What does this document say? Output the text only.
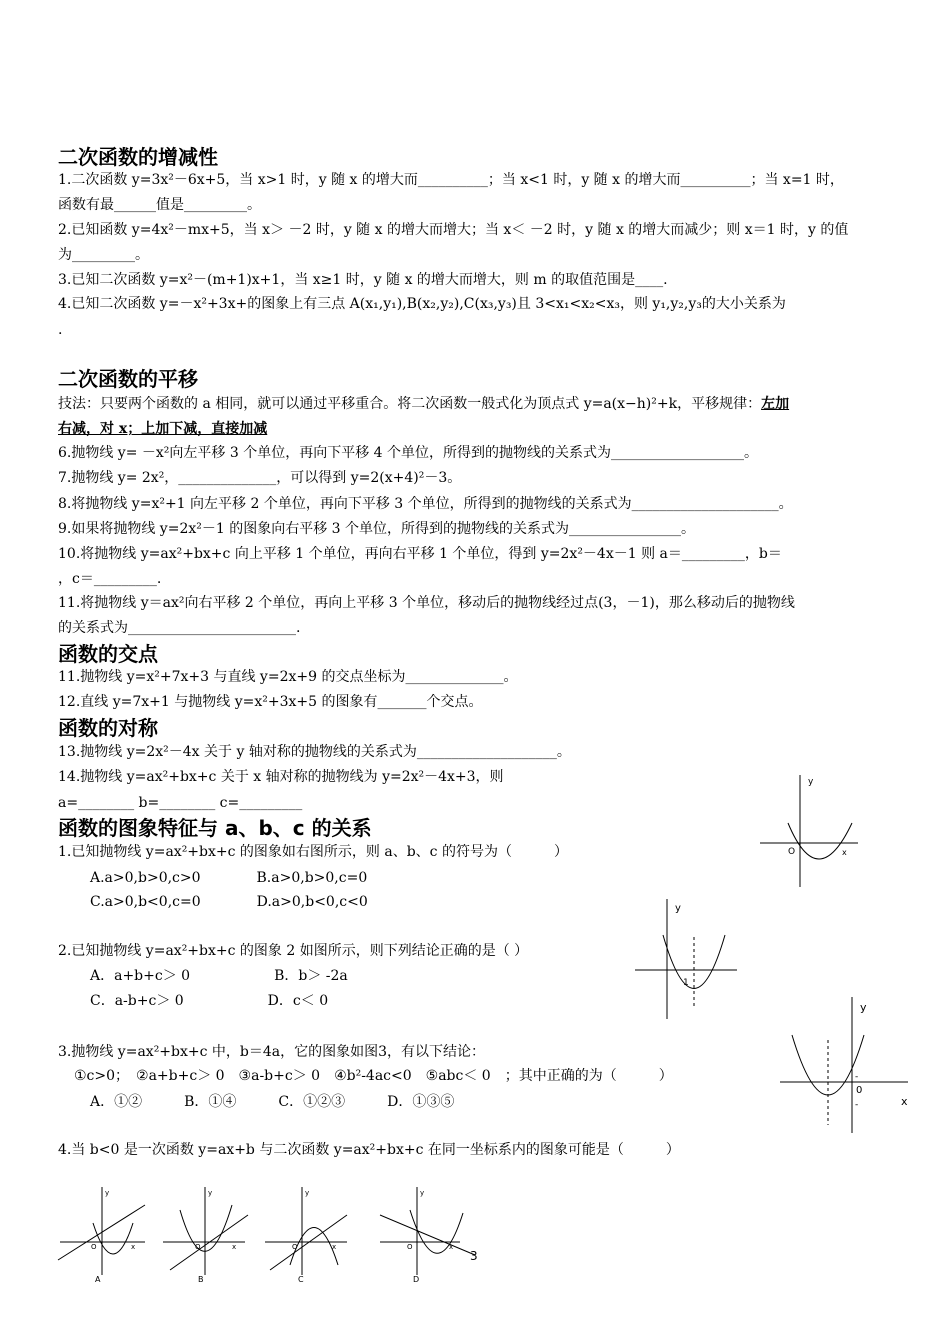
二次函数的增减性
二次函数的平移
函数的交点
函数的对称
函数的图象特征与 a、b、c 的关系
1.二次函数 y=3x²－6x+5，当 x>1 时，y 随 x 的增大而__________；当 x<1 时，y 随 x 的增大而__________；当 x=1 时，
函数有最______值是_________。
2.已知函数 y=4x²－mx+5，当 x＞ －2 时，y 随 x 的增大而增大；当 x＜ －2 时，y 随 x 的增大而减少；则 x＝1 时，y 的值
为_________。
3.已知二次函数 y=x²－(m+1)x+1，当 x≥1 时，y 随 x 的增大而增大，则 m 的取值范围是____.
4.已知二次函数 y=－x²+3x+的图象上有三点 A(x₁,y₁),B(x₂,y₂),C(x₃,y₃)且 3<x₁<x₂<x₃，则 y₁,y₂,y₃的大小关系为
.
技法：只要两个函数的 a 相同，就可以通过平移重合。将二次函数一般式化为顶点式 y=a(x−h)²+k，平移规律：左加
右减，对 x；上加下减，直接加减
6.抛物线 y= －x²向左平移 3 个单位，再向下平移 4 个单位，所得到的抛物线的关系式为___________________。
7.抛物线 y= 2x²，______________，可以得到 y=2(x+4)²－3。
8.将抛物线 y=x²+1 向左平移 2 个单位，再向下平移 3 个单位，所得到的抛物线的关系式为_____________________。
9.如果将抛物线 y=2x²－1 的图象向右平移 3 个单位，所得到的抛物线的关系式为________________。
10.将抛物线 y=ax²+bx+c 向上平移 1 个单位，再向右平移 1 个单位，得到 y=2x²－4x－1 则 a＝_________，b＝
，c＝_________.
11.将抛物线 y＝ax²向右平移 2 个单位，再向上平移 3 个单位，移动后的抛物线经过点(3，－1)，那么移动后的抛物线
的关系式为________________________.
11.抛物线 y=x²+7x+3 与直线 y=2x+9 的交点坐标为______________。
12.直线 y=7x+1 与抛物线 y=x²+3x+5 的图象有_______个交点。
13.抛物线 y=2x²－4x 关于 y 轴对称的抛物线的关系式为____________________。
14.抛物线 y=ax²+bx+c 关于 x 轴对称的抛物线为 y=2x²－4x+3，则
a=________ b=________ c=_________
1.已知抛物线 y=ax²+bx+c 的图象如右图所示，则 a、b、c 的符号为（　　　）
A.a>0,b>0,c>0　　　　B.a>0,b>0,c=0
C.a>0,b<0,c=0　　　　D.a>0,b<0,c<0
2.已知抛物线 y=ax²+bx+c 的图象 2 如图所示，则下列结论正确的是（ ）
A．a+b+c＞ 0　　　　　　B．b＞ -2a
C．a-b+c＞ 0　　　　　　D．c＜ 0
3.抛物线 y=ax²+bx+c 中，b＝4a，它的图象如图3，有以下结论：
①c>0；　②a+b+c＞ 0　③a-b+c＞ 0　④b²-4ac<0　⑤abc＜ 0　；其中正确的为（　　　）
A．①②　　　B．①④　　　C．①②③　　　D．①③⑤
4.当 b<0 是一次函数 y=ax+b 与二次函数 y=ax²+bx+c 在同一坐标系内的图象可能是（　　　）
y
O	x
y
1
y
x
0
-
-
y
O	x
A
y
O	x
B
y
O	x
C
y
O	x
D
3
